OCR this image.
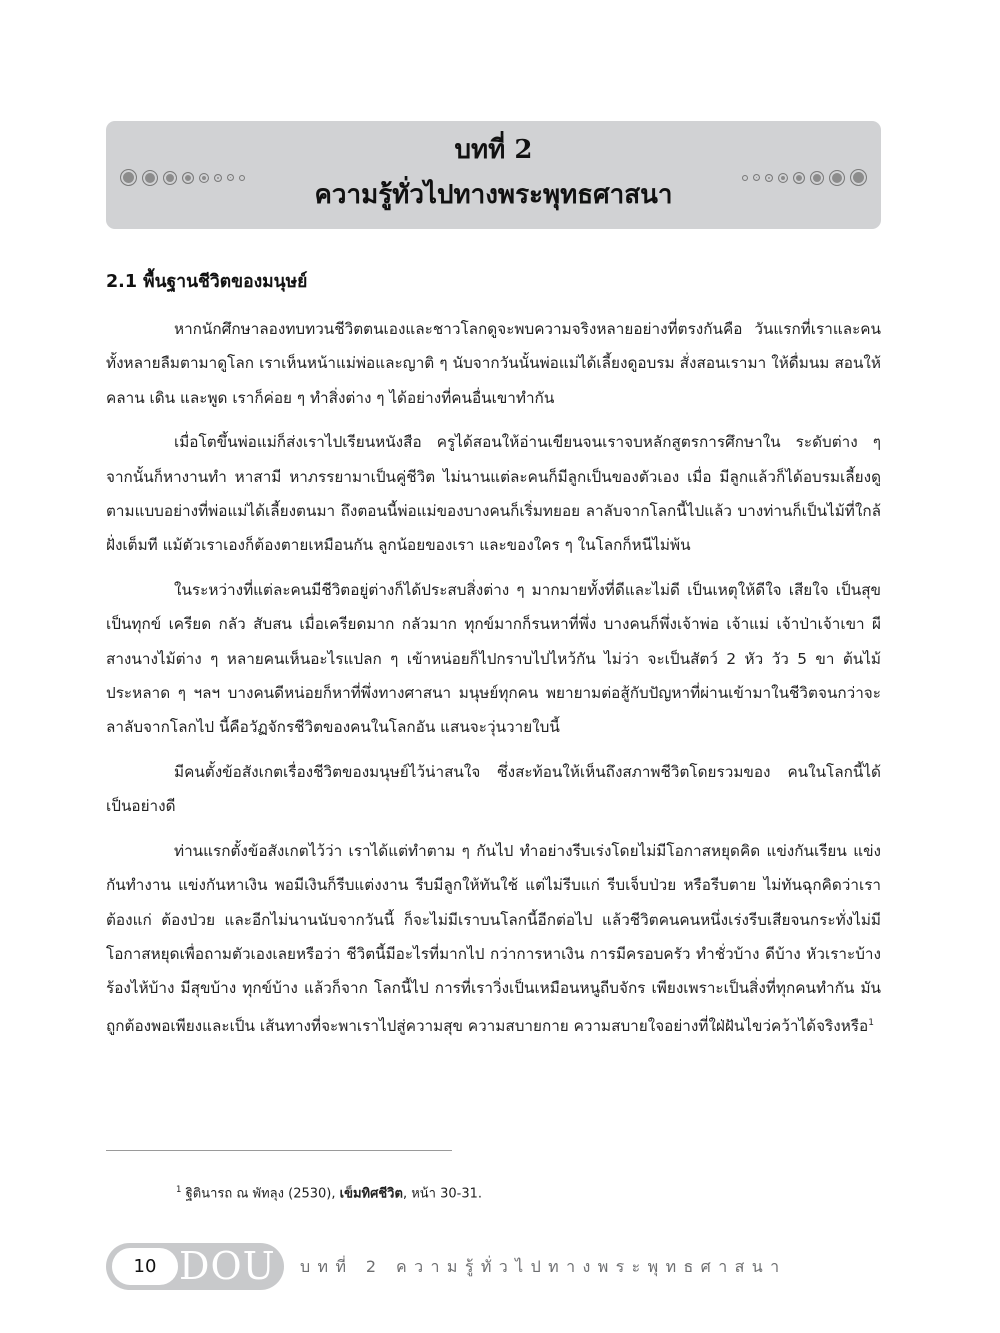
บทที่ 2
ความรู้ทั่วไปทางพระพุทธศาสนา
2.1 พื้นฐานชีวิตของมนุษย์

หากนักศึกษาลองทบทวนชีวิตตนเองและชาวโลกดูจะพบความจริงหลายอย่างที่ตรงกันคือ วันแรกที่เราและคนทั้งหลายลืมตามาดูโลก เราเห็นหน้าแม่พ่อและญาติ ๆ นับจากวันนั้นพ่อแม่ได้เลี้ยงดูอบรม สั่งสอนเรามา ให้ดื่มนม สอนให้คลาน เดิน และพูด เราก็ค่อย ๆ ทำสิ่งต่าง ๆ ได้อย่างที่คนอื่นเขาทำกัน

เมื่อโตขึ้นพ่อแม่ก็ส่งเราไปเรียนหนังสือ ครูได้สอนให้อ่านเขียนจนเราจบหลักสูตรการศึกษาใน ระดับต่าง ๆ จากนั้นก็หางานทำ หาสามี หาภรรยามาเป็นคู่ชีวิต ไม่นานแต่ละคนก็มีลูกเป็นของตัวเอง เมื่อ มีลูกแล้วก็ได้อบรมเลี้ยงดูตามแบบอย่างที่พ่อแม่ได้เลี้ยงตนมา ถึงตอนนี้พ่อแม่ของบางคนก็เริ่มทยอย ลาลับจากโลกนี้ไปแล้ว บางท่านก็เป็นไม้ที่ใกล้ฝั่งเต็มที แม้ตัวเราเองก็ต้องตายเหมือนกัน ลูกน้อยของเรา และของใคร ๆ ในโลกก็หนีไม่พ้น

ในระหว่างที่แต่ละคนมีชีวิตอยู่ต่างก็ได้ประสบสิ่งต่าง ๆ มากมายทั้งที่ดีและไม่ดี เป็นเหตุให้ดีใจ เสียใจ เป็นสุข เป็นทุกข์ เครียด กลัว สับสน เมื่อเครียดมาก กลัวมาก ทุกข์มากก็รนหาที่พึ่ง บางคนก็พึ่งเจ้าพ่อ เจ้าแม่ เจ้าป่าเจ้าเขา ผีสางนางไม้ต่าง ๆ หลายคนเห็นอะไรแปลก ๆ เข้าหน่อยก็ไปกราบไปไหว้กัน ไม่ว่า จะเป็นสัตว์ 2 หัว วัว 5 ขา ต้นไม้ประหลาด ๆ ฯลฯ บางคนดีหน่อยก็หาที่พึ่งทางศาสนา มนุษย์ทุกคน พยายามต่อสู้กับปัญหาที่ผ่านเข้ามาในชีวิตจนกว่าจะลาลับจากโลกไป นี้คือวัฏจักรชีวิตของคนในโลกอัน แสนจะวุ่นวายใบนี้

มีคนตั้งข้อสังเกตเรื่องชีวิตของมนุษย์ไว้น่าสนใจ ซึ่งสะท้อนให้เห็นถึงสภาพชีวิตโดยรวมของ คนในโลกนี้ได้เป็นอย่างดี

ท่านแรกตั้งข้อสังเกตไว้ว่า เราได้แต่ทำตาม ๆ กันไป ทำอย่างรีบเร่งโดยไม่มีโอกาสหยุดคิด แข่งกันเรียน แข่งกันทำงาน แข่งกันหาเงิน พอมีเงินก็รีบแต่งงาน รีบมีลูกให้ทันใช้ แต่ไม่รีบแก่ รีบเจ็บป่วย หรือรีบตาย ไม่ทันฉุกคิดว่าเราต้องแก่ ต้องป่วย และอีกไม่นานนับจากวันนี้ ก็จะไม่มีเราบนโลกนี้อีกต่อไป แล้วชีวิตคนคนหนึ่งเร่งรีบเสียจนกระทั่งไม่มีโอกาสหยุดเพื่อถามตัวเองเลยหรือว่า ชีวิตนี้มีอะไรที่มากไป กว่าการหาเงิน การมีครอบครัว ทำชั่วบ้าง ดีบ้าง หัวเราะบ้าง ร้องไห้บ้าง มีสุขบ้าง ทุกข์บ้าง แล้วก็จาก โลกนี้ไป การที่เราวิ่งเป็นเหมือนหนูถีบจักร เพียงเพราะเป็นสิ่งที่ทุกคนทำกัน มันถูกต้องพอเพียงและเป็น เส้นทางที่จะพาเราไปสู่ความสุข ความสบายกาย ความสบายใจอย่างที่ใฝ่ฝันไขว่คว้าได้จริงหรือ$^1$

$^1$ ฐิตินารถ ณ พัทลุง (2530), เข็มทิศชีวิต, หน้า 30-31.
10 DOU บทที่ 2 ความรู้ทั่วไปทางพระพุทธศาสนา
